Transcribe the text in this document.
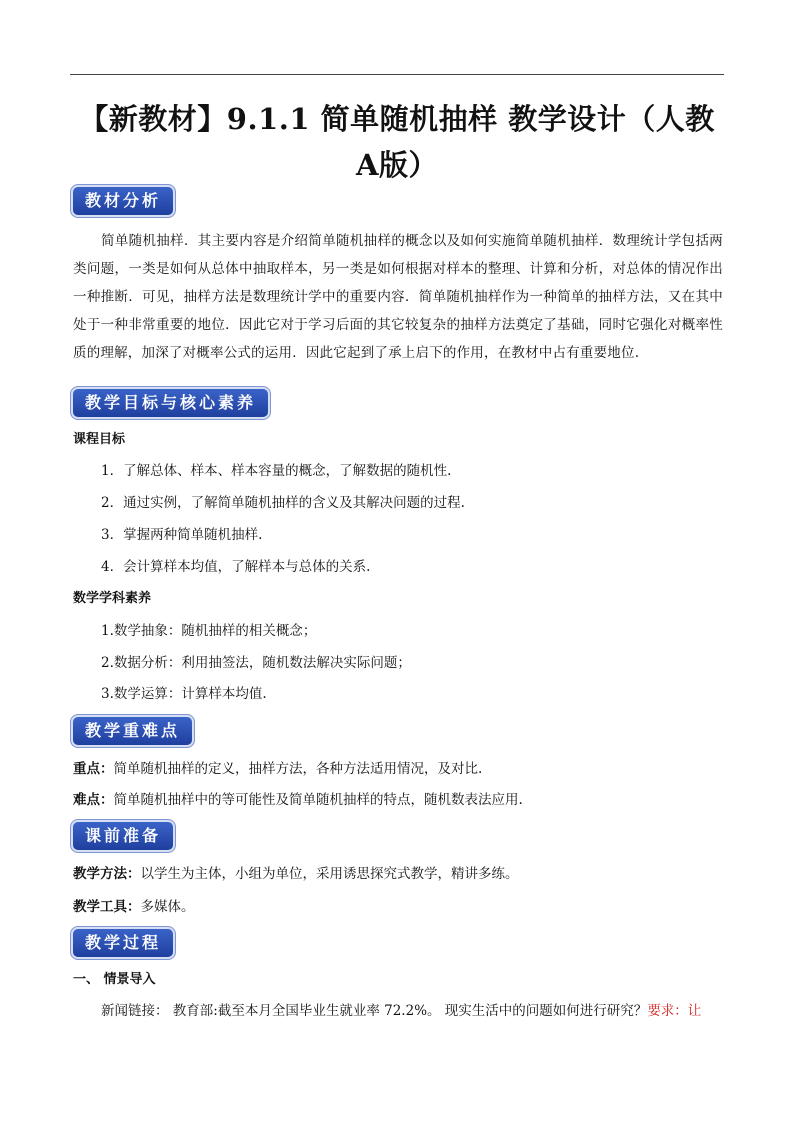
【新教材】9.1.1 简单随机抽样 教学设计（人教A版）
教材分析
简单随机抽样．其主要内容是介绍简单随机抽样的概念以及如何实施简单随机抽样．数理统计学包括两类问题，一类是如何从总体中抽取样本，另一类是如何根据对样本的整理、计算和分析，对总体的情况作出一种推断．可见，抽样方法是数理统计学中的重要内容．简单随机抽样作为一种简单的抽样方法，又在其中处于一种非常重要的地位．因此它对于学习后面的其它较复杂的抽样方法奠定了基础，同时它强化对概率性质的理解，加深了对概率公式的运用．因此它起到了承上启下的作用，在教材中占有重要地位.
教学目标与核心素养
课程目标
1．了解总体、样本、样本容量的概念，了解数据的随机性.
2．通过实例，了解简单随机抽样的含义及其解决问题的过程.
3．掌握两种简单随机抽样.
4．会计算样本均值，了解样本与总体的关系.
数学学科素养
1.数学抽象：随机抽样的相关概念；
2.数据分析：利用抽签法，随机数法解决实际问题；
3.数学运算：计算样本均值.
教学重难点
重点：简单随机抽样的定义，抽样方法，各种方法适用情况，及对比.
难点：简单随机抽样中的等可能性及简单随机抽样的特点，随机数表法应用.
课前准备
教学方法：以学生为主体，小组为单位，采用诱思探究式教学，精讲多练。
教学工具：多媒体。
教学过程
一、 情景导入
新闻链接： 教育部:截至本月全国毕业生就业率 72.2%。 现实生活中的问题如何进行研究？要求：让
